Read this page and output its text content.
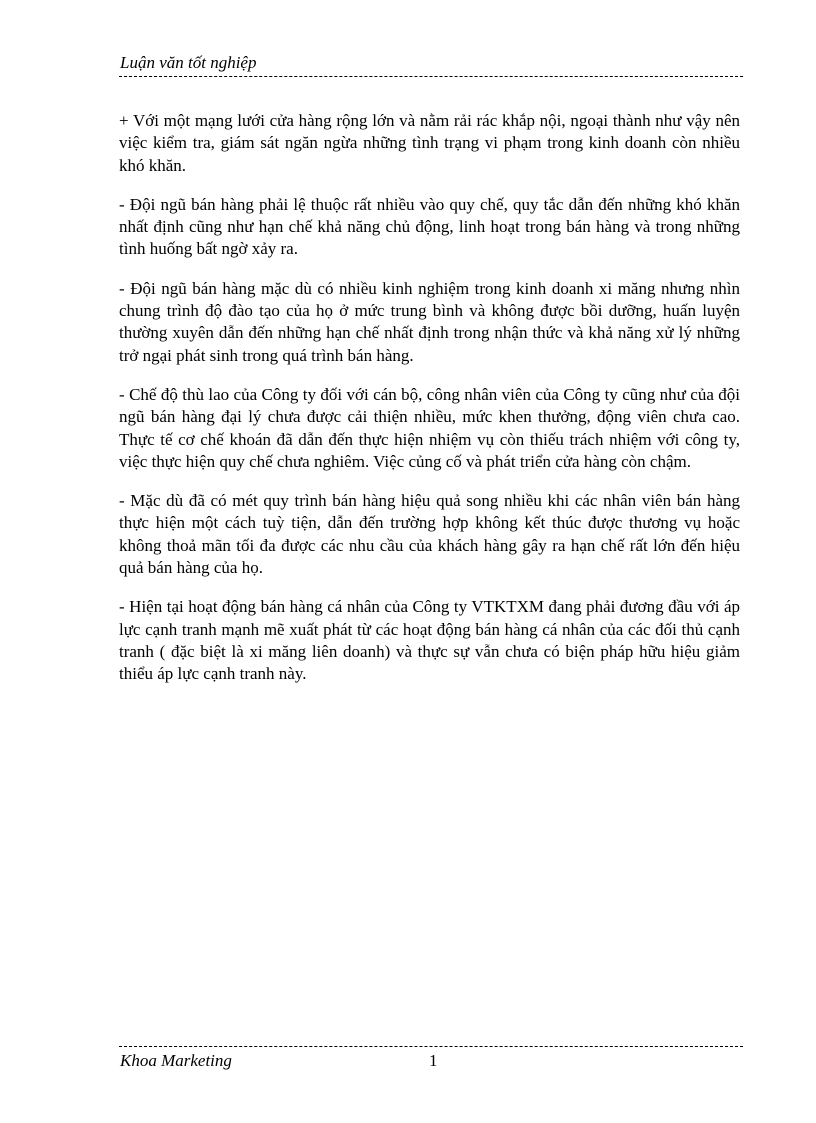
Luận văn tốt nghiệp

+ Với một mạng lưới cửa hàng rộng lớn và nằm rải rác khắp nội, ngoại thành như vậy nên việc kiểm tra, giám sát ngăn ngừa những tình trạng vi phạm trong kinh doanh còn nhiều khó khăn.

- Đội ngũ bán hàng phải lệ thuộc rất nhiều vào quy chế, quy tắc dẫn đến những khó khăn nhất định cũng như hạn chế khả năng chủ động, linh hoạt trong bán hàng và trong những tình huống bất ngờ xảy ra.

- Đội ngũ bán hàng mặc dù có nhiều kinh nghiệm trong kinh doanh xi măng nhưng nhìn chung trình độ đào tạo của họ ở mức trung bình và không được bồi dưỡng, huấn luyện thường xuyên dẫn đến những hạn chế nhất định trong nhận thức và khả năng xử lý những trở ngại phát sinh trong quá trình bán hàng.

- Chế độ thù lao của Công ty đối với cán bộ, công nhân viên của Công ty cũng như của đội ngũ bán hàng đại lý chưa được cải thiện nhiều, mức khen thưởng, động viên chưa cao. Thực tế cơ chế khoán đã dẫn đến thực hiện nhiệm vụ còn thiếu trách nhiệm với công ty, việc thực hiện quy chế chưa nghiêm. Việc củng cố và phát triển cửa hàng còn chậm.

- Mặc dù đã có mét quy trình bán hàng hiệu quả song nhiều khi các nhân viên bán hàng thực hiện một cách tuỳ tiện, dẫn đến trường hợp không kết thúc được thương vụ hoặc không thoả mãn tối đa được các nhu cầu của khách hàng gây ra hạn chế rất lớn đến hiệu quả bán hàng của họ.

- Hiện tại hoạt động bán hàng cá nhân của Công ty VTKTXM đang phải đương đầu với áp lực cạnh tranh mạnh mẽ xuất phát từ các hoạt động bán hàng cá nhân của các đối thủ cạnh tranh ( đặc biệt là xi măng liên doanh) và thực sự vẫn chưa có biện pháp hữu hiệu giảm thiểu áp lực cạnh tranh này.

Khoa Marketing	1
